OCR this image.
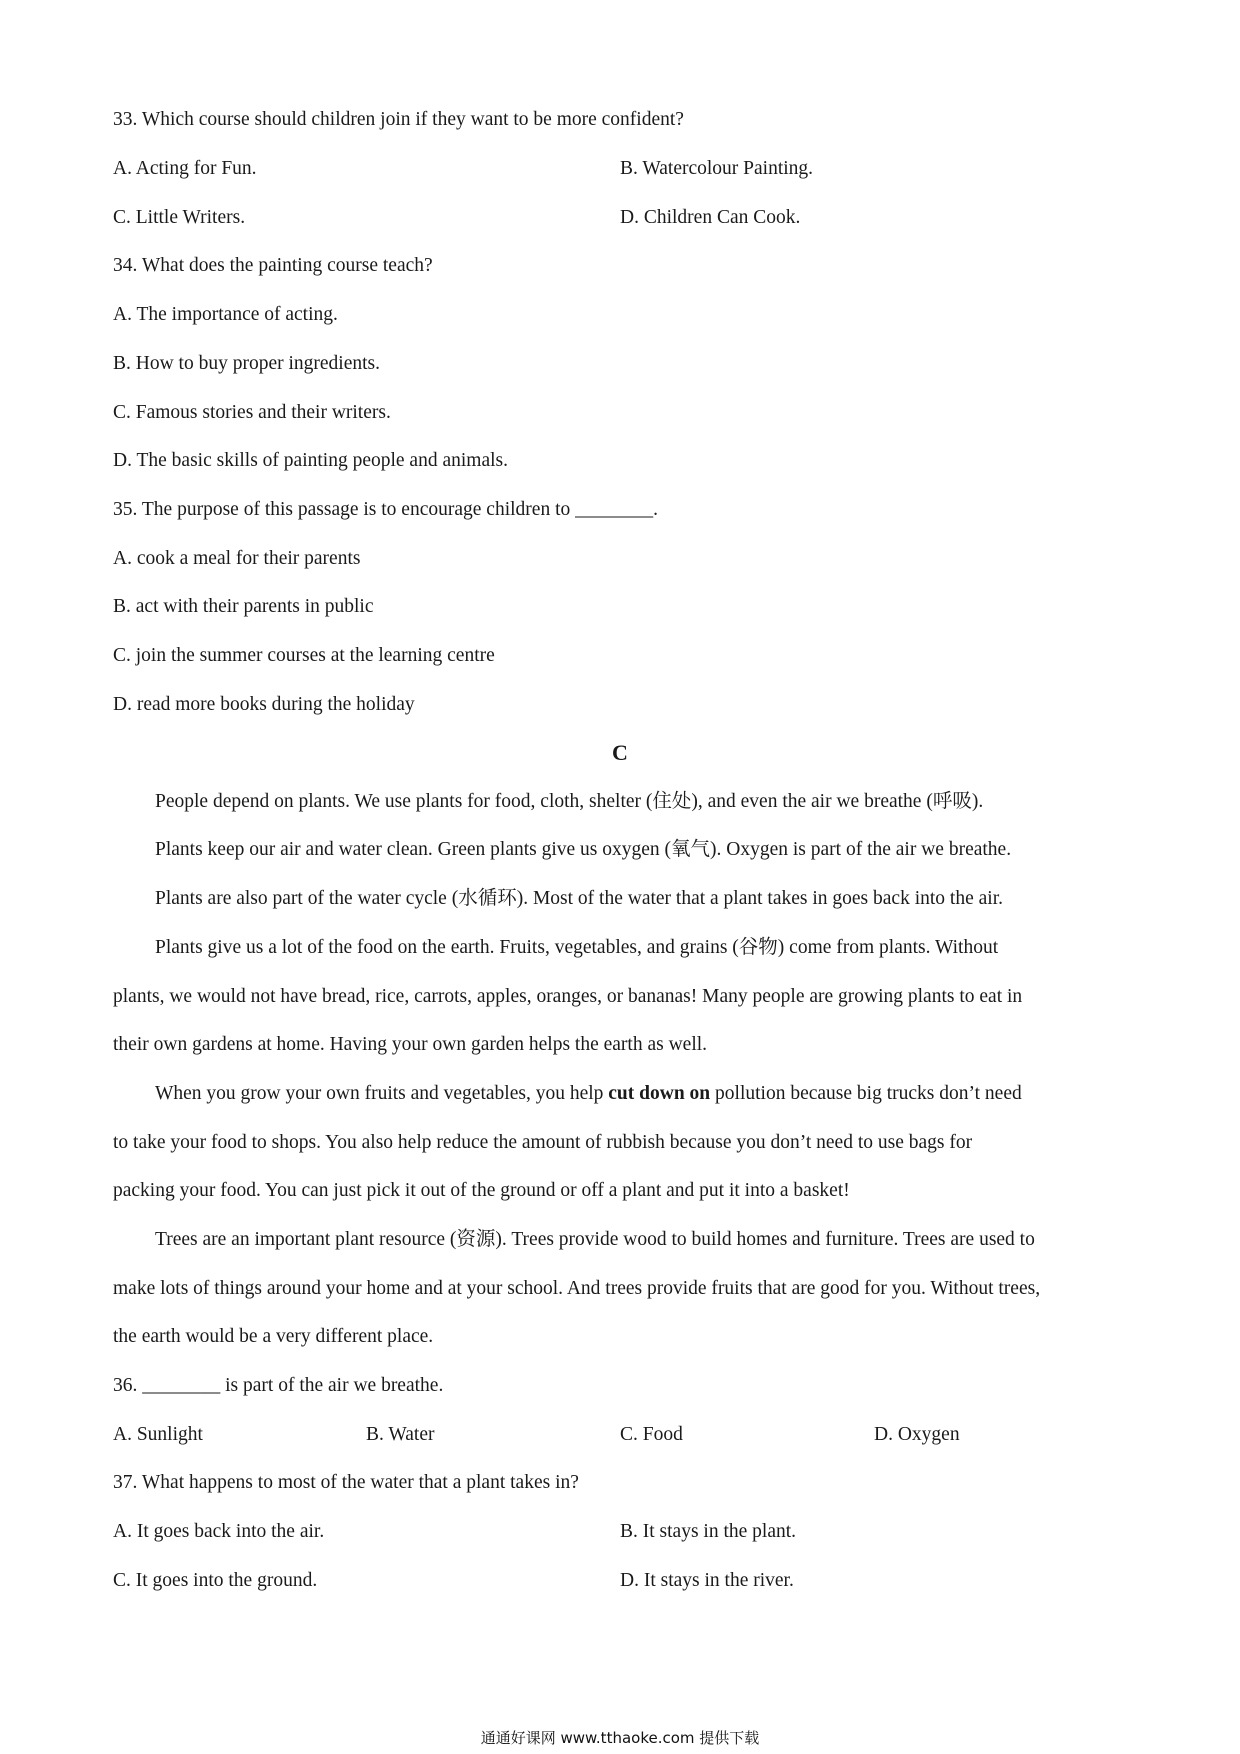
33. Which course should children join if they want to be more confident?
A. Acting for Fun.	B. Watercolour Painting.
C. Little Writers.	D. Children Can Cook.
34. What does the painting course teach?
A. The importance of acting.
B. How to buy proper ingredients.
C. Famous stories and their writers.
D. The basic skills of painting people and animals.
35. The purpose of this passage is to encourage children to ________.
A. cook a meal for their parents
B. act with their parents in public
C. join the summer courses at the learning centre
D. read more books during the holiday
C
People depend on plants. We use plants for food, cloth, shelter (住处), and even the air we breathe (呼吸).
Plants keep our air and water clean. Green plants give us oxygen (氧气). Oxygen is part of the air we breathe.
Plants are also part of the water cycle (水循环). Most of the water that a plant takes in goes back into the air.
Plants give us a lot of the food on the earth. Fruits, vegetables, and grains (谷物) come from plants. Without
plants, we would not have bread, rice, carrots, apples, oranges, or bananas! Many people are growing plants to eat in
their own gardens at home. Having your own garden helps the earth as well.
When you grow your own fruits and vegetables, you help cut down on pollution because big trucks don’t need
to take your food to shops. You also help reduce the amount of rubbish because you don’t need to use bags for
packing your food. You can just pick it out of the ground or off a plant and put it into a basket!
Trees are an important plant resource (资源). Trees provide wood to build homes and furniture. Trees are used to
make lots of things around your home and at your school. And trees provide fruits that are good for you. Without trees,
the earth would be a very different place.
36. ________ is part of the air we breathe.
A. Sunlight	B. Water	C. Food	D. Oxygen
37. What happens to most of the water that a plant takes in?
A. It goes back into the air.	B. It stays in the plant.
C. It goes into the ground.	D. It stays in the river.
通通好课网 www.tthaoke.com 提供下载
